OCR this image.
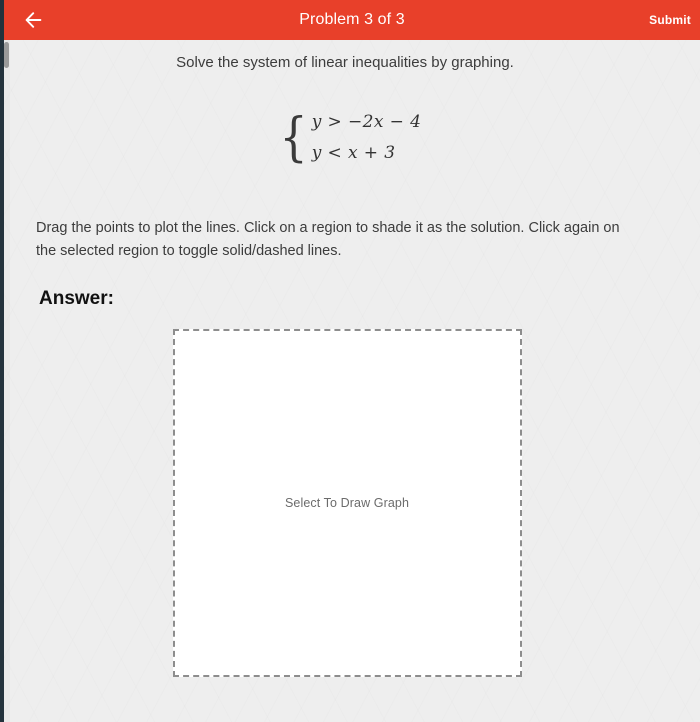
Problem 3 of 3	Submit
Solve the system of linear inequalities by graphing.
{ y > −2x − 4
y < x + 3
Drag the points to plot the lines. Click on a region to shade it as the solution. Click again on the selected region to toggle solid/dashed lines.
Answer:
Select To Draw Graph
